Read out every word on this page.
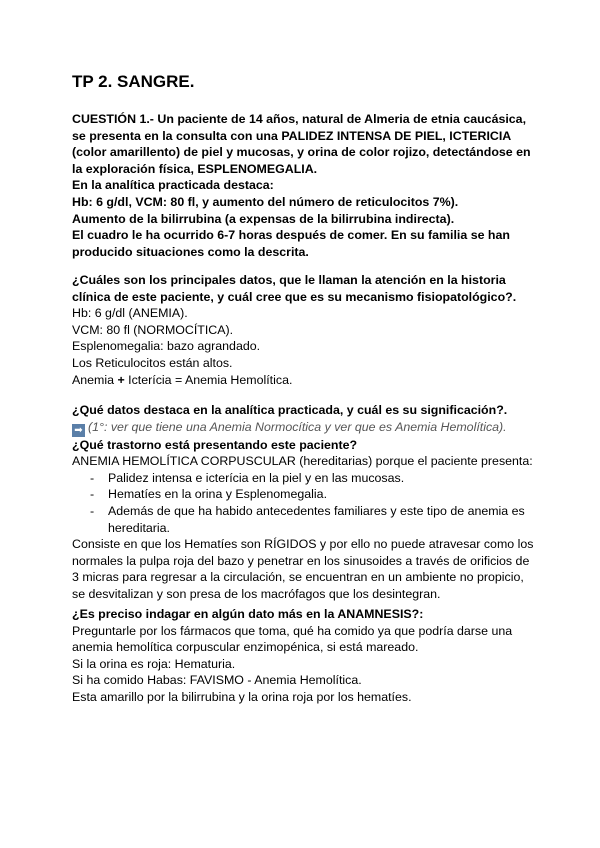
TP 2. SANGRE.

CUESTIÓN 1.- Un paciente de 14 años, natural de Almeria de etnia caucásica,

se presenta en la consulta con una PALIDEZ INTENSA DE PIEL, ICTERICIA

(color amarillento) de piel y mucosas, y orina de color rojizo, detectándose en

la exploración física, ESPLENOMEGALIA.

En la analítica practicada destaca:

Hb: 6 g/dl, VCM: 80 fl, y aumento del número de reticulocitos 7%).

Aumento de la bilirrubina (a expensas de la bilirrubina indirecta).

El cuadro le ha ocurrido 6-7 horas después de comer. En su familia se han

producido situaciones como la descrita.

¿Cuáles son los principales datos, que le llaman la atención en la historia

clínica de este paciente, y cuál cree que es su mecanismo fisiopatológico?.

Hb: 6 g/dl (ANEMIA).

VCM: 80 fl (NORMOCÍTICA).

Esplenomegalia: bazo agrandado.

Los Reticulocitos están altos.

Anemia + Icterícia = Anemia Hemolítica.

¿Qué datos destaca en la analítica practicada, y cuál es su significación?.

➡ (1°: ver que tiene una Anemia Normocítica y ver que es Anemia Hemolítica).

¿Qué trastorno está presentando este paciente?

ANEMIA HEMOLÍTICA CORPUSCULAR (hereditarias) porque el paciente presenta:

- Palidez intensa e icterícia en la piel y en las mucosas.
- Hematíes en la orina y Esplenomegalia.
- Además de que ha habido antecedentes familiares y este tipo de anemia es hereditaria.

Consiste en que los Hematíes son RÍGIDOS y por ello no puede atravesar como los

normales la pulpa roja del bazo y penetrar en los sinusoides a través de orificios de

3 micras para regresar a la circulación, se encuentran en un ambiente no propicio,

se desvitalizan y son presa de los macrófagos que los desintegran.

¿Es preciso indagar en algún dato más en la ANAMNESIS?:

Preguntarle por los fármacos que toma, qué ha comido ya que podría darse una

anemia hemolítica corpuscular enzimopénica, si está mareado.

Si la orina es roja: Hematuria.

Si ha comido Habas: FAVISMO - Anemia Hemolítica.

Esta amarillo por la bilirrubina y la orina roja por los hematíes.
